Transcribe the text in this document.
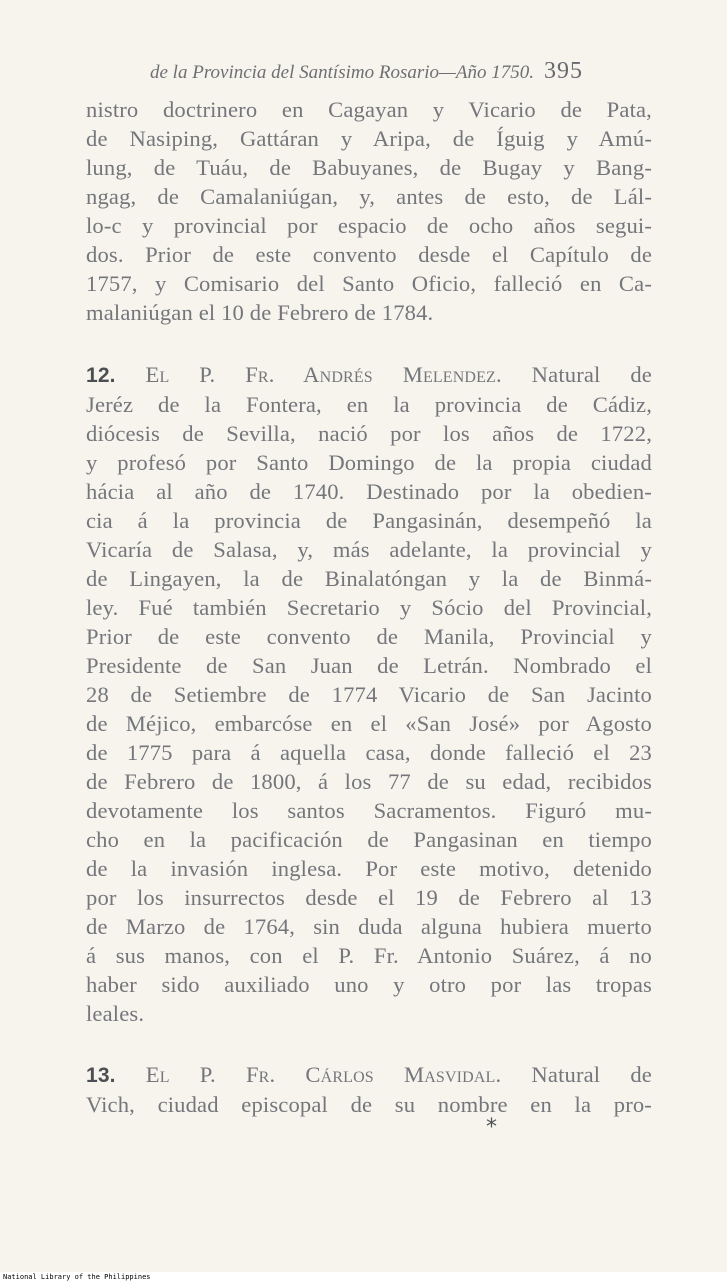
de la Provincia del Santísimo Rosario—Año 1750. 395
nistro doctrinero en Cagayan y Vicario de Pata,
de Nasiping, Gattáran y Aripa, de Íguig y Amú-
lung, de Tuáu, de Babuyanes, de Bugay y Bang-
ngag, de Camalaniúgan, y, antes de esto, de Lál-
lo-c y provincial por espacio de ocho años segui-
dos. Prior de este convento desde el Capítulo de
1757, y Comisario del Santo Oficio, falleció en Ca-
malaniúgan el 10 de Febrero de 1784.
12. El P. Fr. Andrés Melendez. Natural de
Jeréz de la Fontera, en la provincia de Cádiz,
diócesis de Sevilla, nació por los años de 1722,
y profesó por Santo Domingo de la propia ciudad
hácia al año de 1740. Destinado por la obedien-
cia á la provincia de Pangasinán, desempeñó la
Vicaría de Salasa, y, más adelante, la provincial y
de Lingayen, la de Binalatóngan y la de Binmá-
ley. Fué también Secretario y Sócio del Provincial,
Prior de este convento de Manila, Provincial y
Presidente de San Juan de Letrán. Nombrado el
28 de Setiembre de 1774 Vicario de San Jacinto
de Méjico, embarcóse en el «San José» por Agosto
de 1775 para á aquella casa, donde falleció el 23
de Febrero de 1800, á los 77 de su edad, recibidos
devotamente los santos Sacramentos. Figuró mu-
cho en la pacificación de Pangasinan en tiempo
de la invasión inglesa. Por este motivo, detenido
por los insurrectos desde el 19 de Febrero al 13
de Marzo de 1764, sin duda alguna hubiera muerto
á sus manos, con el P. Fr. Antonio Suárez, á no
haber sido auxiliado uno y otro por las tropas
leales.
13. El P. Fr. Cárlos Masvidal. Natural de
Vich, ciudad episcopal de su nombre en la pro-
*
National Library of the Philippines
